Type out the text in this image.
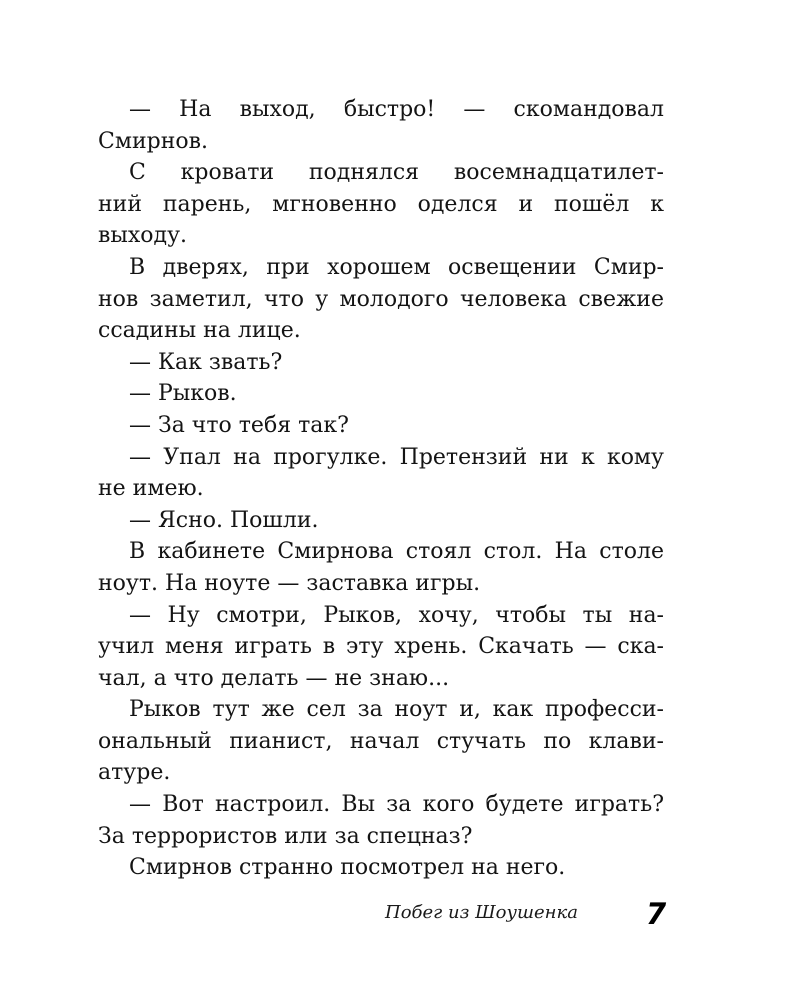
— На выход, быстро! — скомандовал
Смирнов.
С кровати поднялся восемнадцатилет-
ний парень, мгновенно оделся и пошёл к
выходу.
В дверях, при хорошем освещении Смир-
нов заметил, что у молодого человека свежие
ссадины на лице.
— Как звать?
— Рыков.
— За что тебя так?
— Упал на прогулке. Претензий ни к кому
не имею.
— Ясно. Пошли.
В кабинете Смирнова стоял стол. На столе
ноут. На ноуте — заставка игры.
— Ну смотри, Рыков, хочу, чтобы ты на-
учил меня играть в эту хрень. Скачать — ска-
чал, а что делать — не знаю...
Рыков тут же сел за ноут и, как професси-
ональный пианист, начал стучать по клави-
атуре.
— Вот настроил. Вы за кого будете играть?
За террористов или за спецназ?
Смирнов странно посмотрел на него.
Побег из Шоушенка 7
